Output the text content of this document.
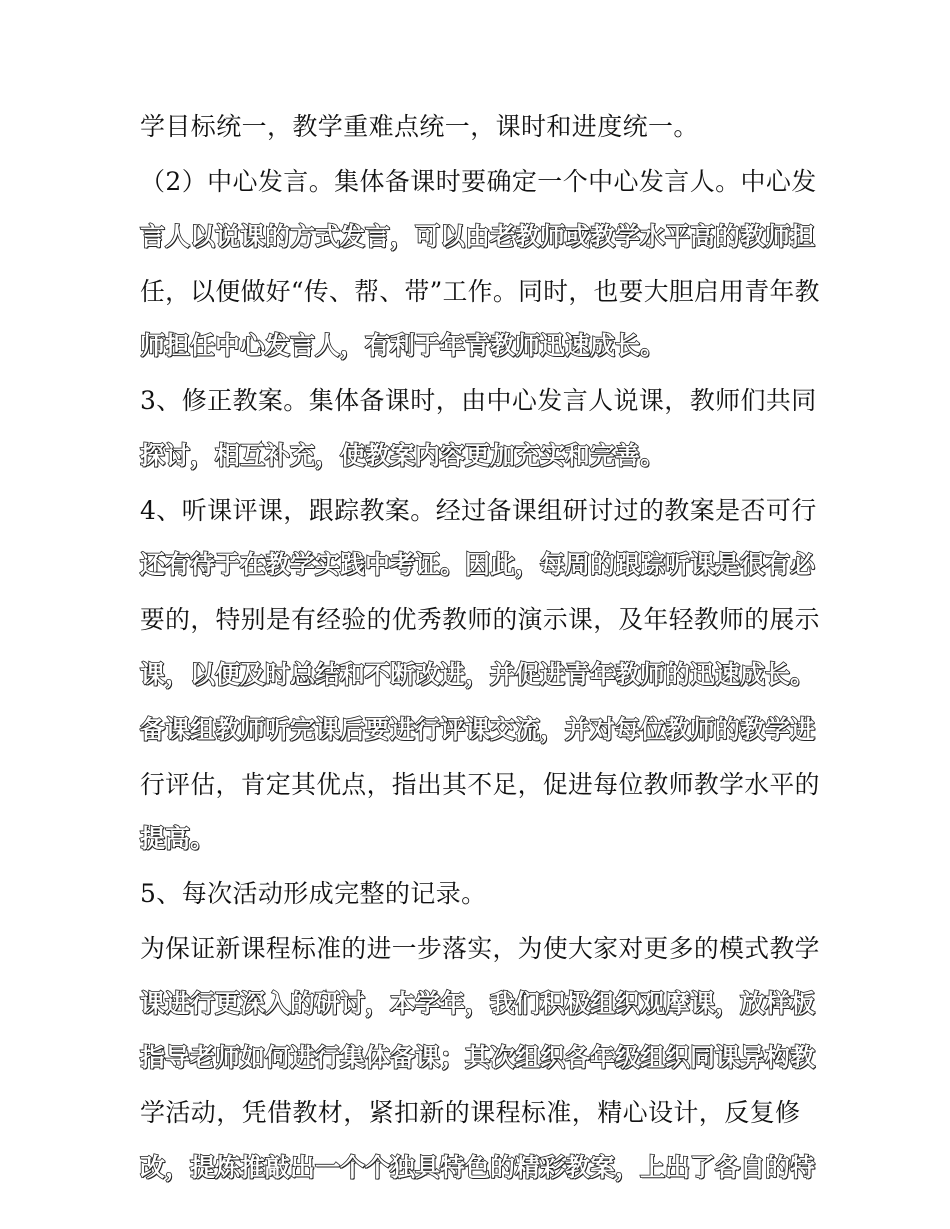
学目标统一，教学重难点统一，课时和进度统一。
（2）中心发言。集体备课时要确定一个中心发言人。中心发
言人以说课的方式发言，可以由老教师或教学水平高的教师担
任，以便做好“传、帮、带”工作。同时，也要大胆启用青年教
师担任中心发言人，有利于年青教师迅速成长。
3、修正教案。集体备课时，由中心发言人说课，教师们共同
探讨，相互补充，使教案内容更加充实和完善。
4、听课评课，跟踪教案。经过备课组研讨过的教案是否可行
还有待于在教学实践中考证。因此，每周的跟踪听课是很有必
要的，特别是有经验的优秀教师的演示课，及年轻教师的展示
课，以便及时总结和不断改进，并促进青年教师的迅速成长。
备课组教师听完课后要进行评课交流，并对每位教师的教学进
行评估，肯定其优点，指出其不足，促进每位教师教学水平的
提高。
5、每次活动形成完整的记录。
为保证新课程标准的进一步落实，为使大家对更多的模式教学
课进行更深入的研讨，本学年，我们积极组织观摩课，放样板
指导老师如何进行集体备课；其次组织各年级组织同课异构教
学活动，凭借教材，紧扣新的课程标准，精心设计，反复修
改，提炼推敲出一个个独具特色的精彩教案，上出了各自的特
